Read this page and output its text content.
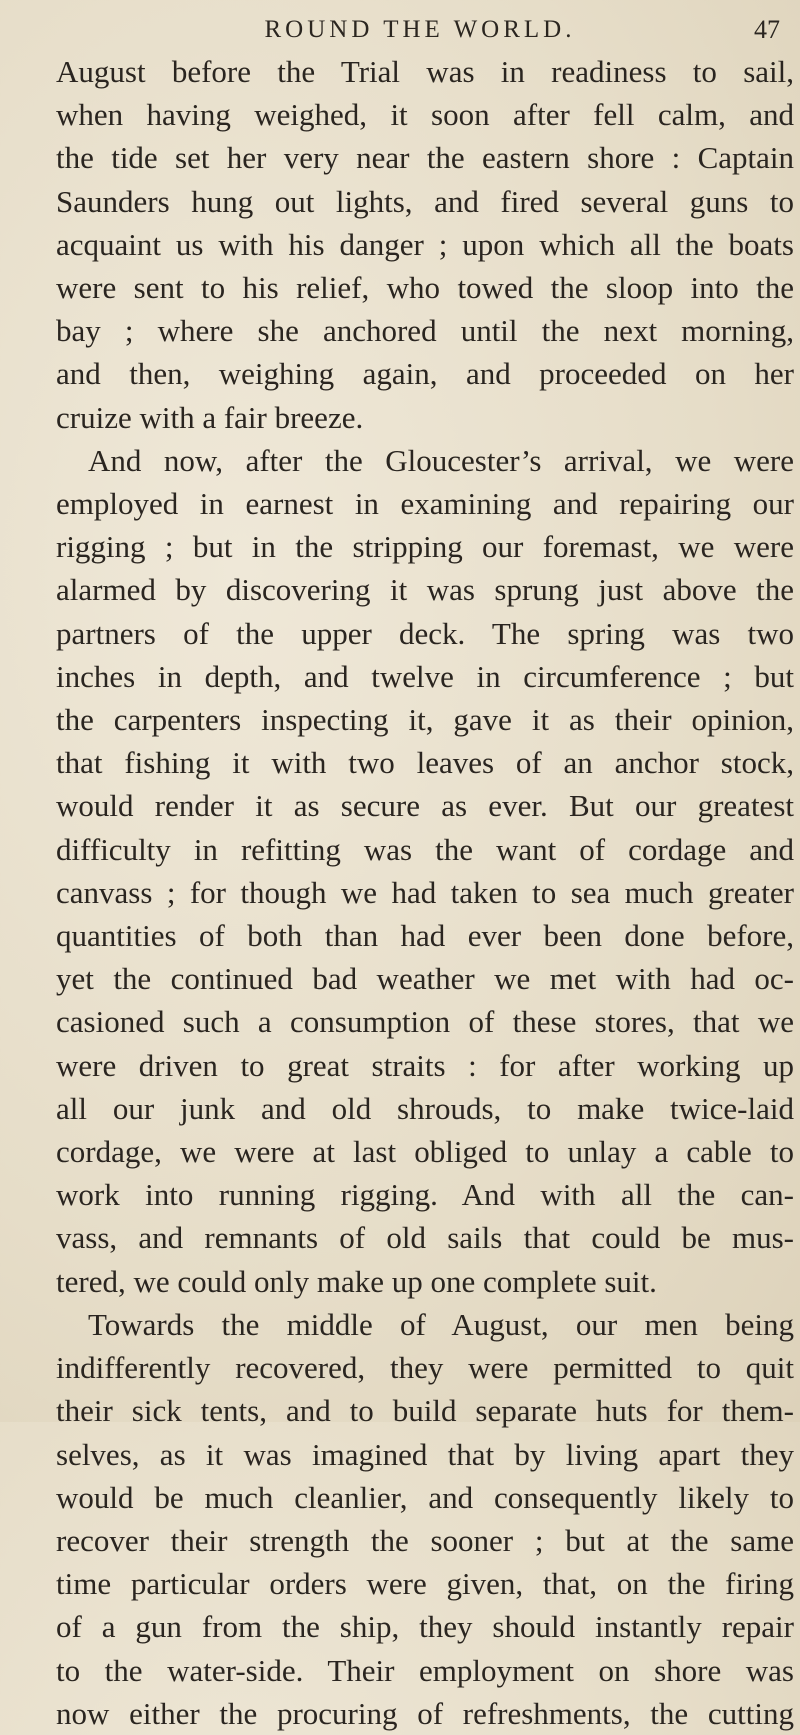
ROUND THE WORLD.	47
August before the Trial was in readiness to sail,
when having weighed, it soon after fell calm, and
the tide set her very near the eastern shore : Captain
Saunders hung out lights, and fired several guns to
acquaint us with his danger ; upon which all the boats
were sent to his relief, who towed the sloop into the
bay ; where she anchored until the next morning,
and then, weighing again, and proceeded on her
cruize with a fair breeze.
And now, after the Gloucester’s arrival, we were
employed in earnest in examining and repairing our
rigging ; but in the stripping our foremast, we were
alarmed by discovering it was sprung just above the
partners of the upper deck. The spring was two
inches in depth, and twelve in circumference ; but
the carpenters inspecting it, gave it as their opinion,
that fishing it with two leaves of an anchor stock,
would render it as secure as ever. But our greatest
difficulty in refitting was the want of cordage and
canvass ; for though we had taken to sea much greater
quantities of both than had ever been done before,
yet the continued bad weather we met with had oc-
casioned such a consumption of these stores, that we
were driven to great straits : for after working up
all our junk and old shrouds, to make twice-laid
cordage, we were at last obliged to unlay a cable to
work into running rigging. And with all the can-
vass, and remnants of old sails that could be mus-
tered, we could only make up one complete suit.
Towards the middle of August, our men being
indifferently recovered, they were permitted to quit
their sick tents, and to build separate huts for them-
selves, as it was imagined that by living apart they
would be much cleanlier, and consequently likely to
recover their strength the sooner ; but at the same
time particular orders were given, that, on the firing
of a gun from the ship, they should instantly repair
to the water-side. Their employment on shore was
now either the procuring of refreshments, the cutting
